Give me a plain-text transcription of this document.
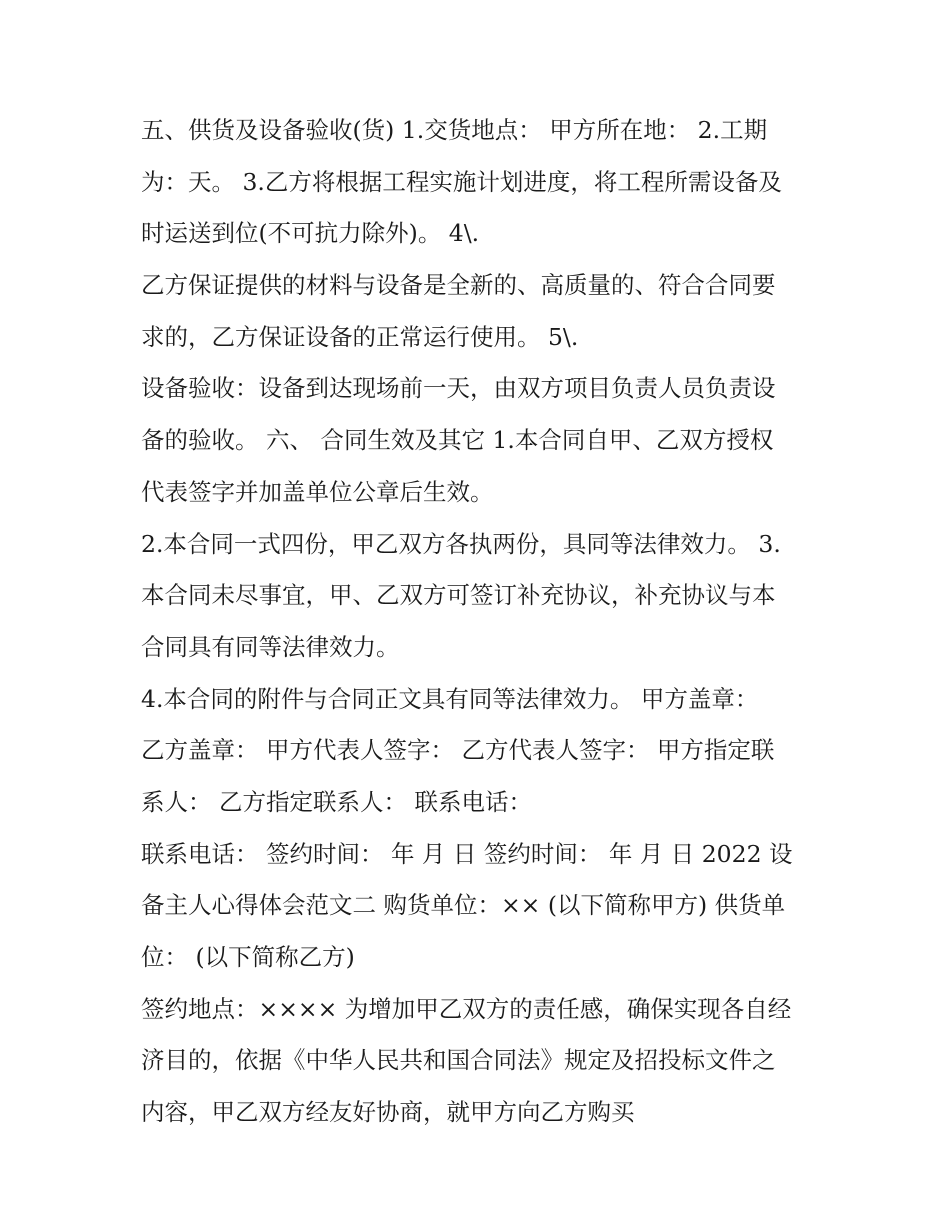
五、供货及设备验收(货) 1.交货地点： 甲方所在地： 2.工期
为：天。 3.乙方将根据工程实施计划进度，将工程所需设备及
时运送到位(不可抗力除外)。 4\.
乙方保证提供的材料与设备是全新的、高质量的、符合合同要
求的，乙方保证设备的正常运行使用。 5\.
设备验收：设备到达现场前一天，由双方项目负责人员负责设
备的验收。 六、 合同生效及其它 1.本合同自甲、乙双方授权
代表签字并加盖单位公章后生效。
2.本合同一式四份，甲乙双方各执两份，具同等法律效力。 3.
本合同未尽事宜，甲、乙双方可签订补充协议，补充协议与本
合同具有同等法律效力。
4.本合同的附件与合同正文具有同等法律效力。 甲方盖章：
乙方盖章： 甲方代表人签字： 乙方代表人签字： 甲方指定联
系人： 乙方指定联系人： 联系电话：
联系电话： 签约时间： 年 月 日 签约时间： 年 月 日 2022 设
备主人心得体会范文二 购货单位：×× (以下简称甲方) 供货单
位： (以下简称乙方)
签约地点：×××× 为增加甲乙双方的责任感，确保实现各自经
济目的，依据《中华人民共和国合同法》规定及招投标文件之
内容，甲乙双方经友好协商，就甲方向乙方购买
